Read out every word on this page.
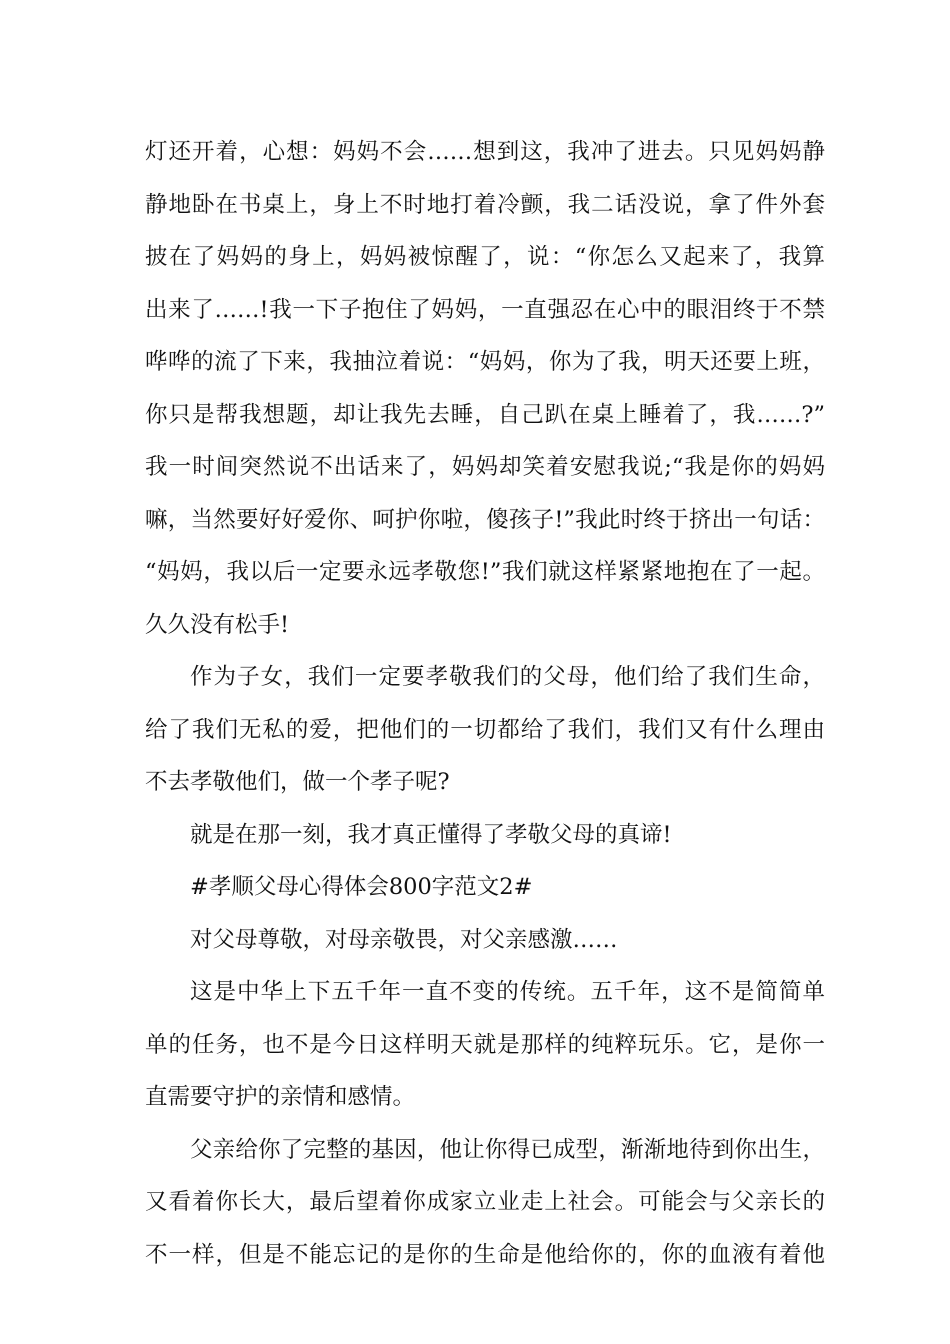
灯还开着，心想：妈妈不会……想到这，我冲了进去。只见妈妈静
静地卧在书桌上，身上不时地打着冷颤，我二话没说，拿了件外套
披在了妈妈的身上，妈妈被惊醒了，说：“你怎么又起来了，我算
出来了……!我一下子抱住了妈妈，一直强忍在心中的眼泪终于不禁
哗哗的流了下来，我抽泣着说：“妈妈，你为了我，明天还要上班，
你只是帮我想题，却让我先去睡，自己趴在桌上睡着了，我……?”
我一时间突然说不出话来了，妈妈却笑着安慰我说;“我是你的妈妈
嘛，当然要好好爱你、呵护你啦，傻孩子!”我此时终于挤出一句话：
“妈妈，我以后一定要永远孝敬您!”我们就这样紧紧地抱在了一起。
久久没有松手!
作为子女，我们一定要孝敬我们的父母，他们给了我们生命，
给了我们无私的爱，把他们的一切都给了我们，我们又有什么理由
不去孝敬他们，做一个孝子呢?
就是在那一刻，我才真正懂得了孝敬父母的真谛!
#孝顺父母心得体会800字范文2#
对父母尊敬，对母亲敬畏，对父亲感激……
这是中华上下五千年一直不变的传统。五千年，这不是简简单
单的任务，也不是今日这样明天就是那样的纯粹玩乐。它，是你一
直需要守护的亲情和感情。
父亲给你了完整的基因，他让你得已成型，渐渐地待到你出生，
又看着你长大，最后望着你成家立业走上社会。可能会与父亲长的
不一样，但是不能忘记的是你的生命是他给你的，你的血液有着他
